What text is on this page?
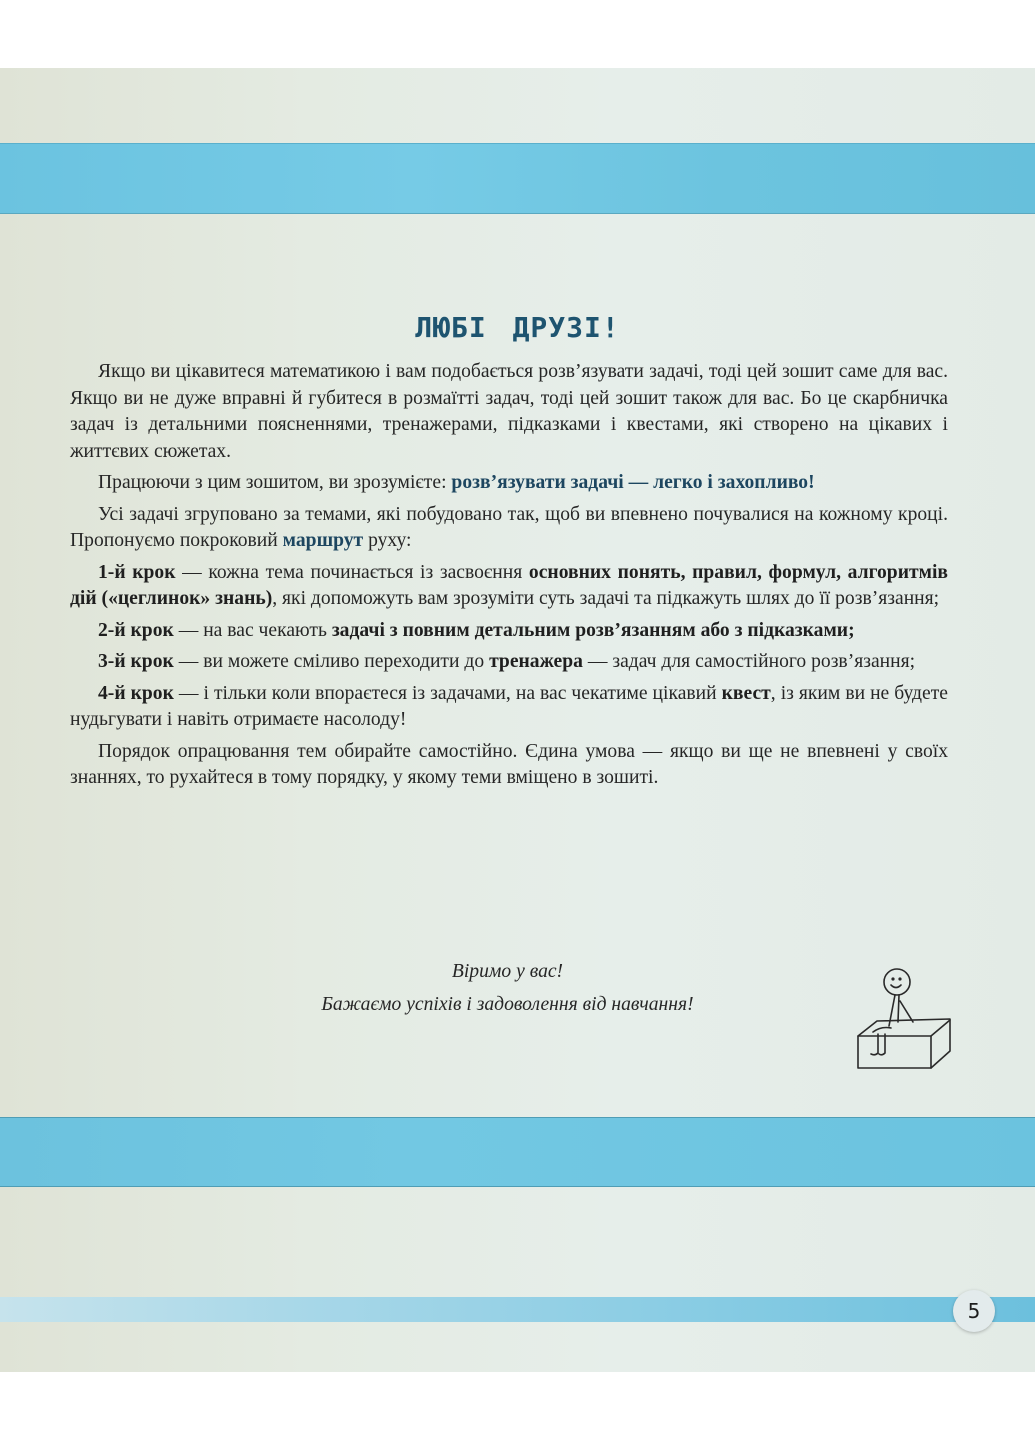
ЛЮБІ ДРУЗІ!

Якщо ви цікавитеся математикою і вам подобається розв’язувати задачі, тоді цей зошит саме для вас. Якщо ви не дуже вправні й губитеся в розмаїтті задач, тоді цей зошит також для вас. Бо це скарбничка задач із детальними поясненнями, тренажерами, підказками і квестами, які створено на цікавих і життєвих сюжетах.

Працюючи з цим зошитом, ви зрозумієте: розв’язувати задачі — легко і захопливо!

Усі задачі згруповано за темами, які побудовано так, щоб ви впевнено почувалися на кожному кроці. Пропонуємо покроковий маршрут руху:

1-й крок — кожна тема починається із засвоєння основних понять, правил, формул, алгоритмів дій («цеглинок» знань), які допоможуть вам зрозуміти суть задачі та підкажуть шлях до її розв’язання;

2-й крок — на вас чекають задачі з повним детальним розв’язанням або з підказками;

3-й крок — ви можете сміливо переходити до тренажера — задач для самостійного розв’язання;

4-й крок — і тільки коли впораєтеся із задачами, на вас чекатиме цікавий квест, із яким ви не будете нудьгувати і навіть отримаєте насолоду!

Порядок опрацювання тем обирайте самостійно. Єдина умова — якщо ви ще не впевнені у своїх знаннях, то рухайтеся в тому порядку, у якому теми вміщено в зошиті.

Віримо у вас!
Бажаємо успіхів і задоволення від навчання!
5
